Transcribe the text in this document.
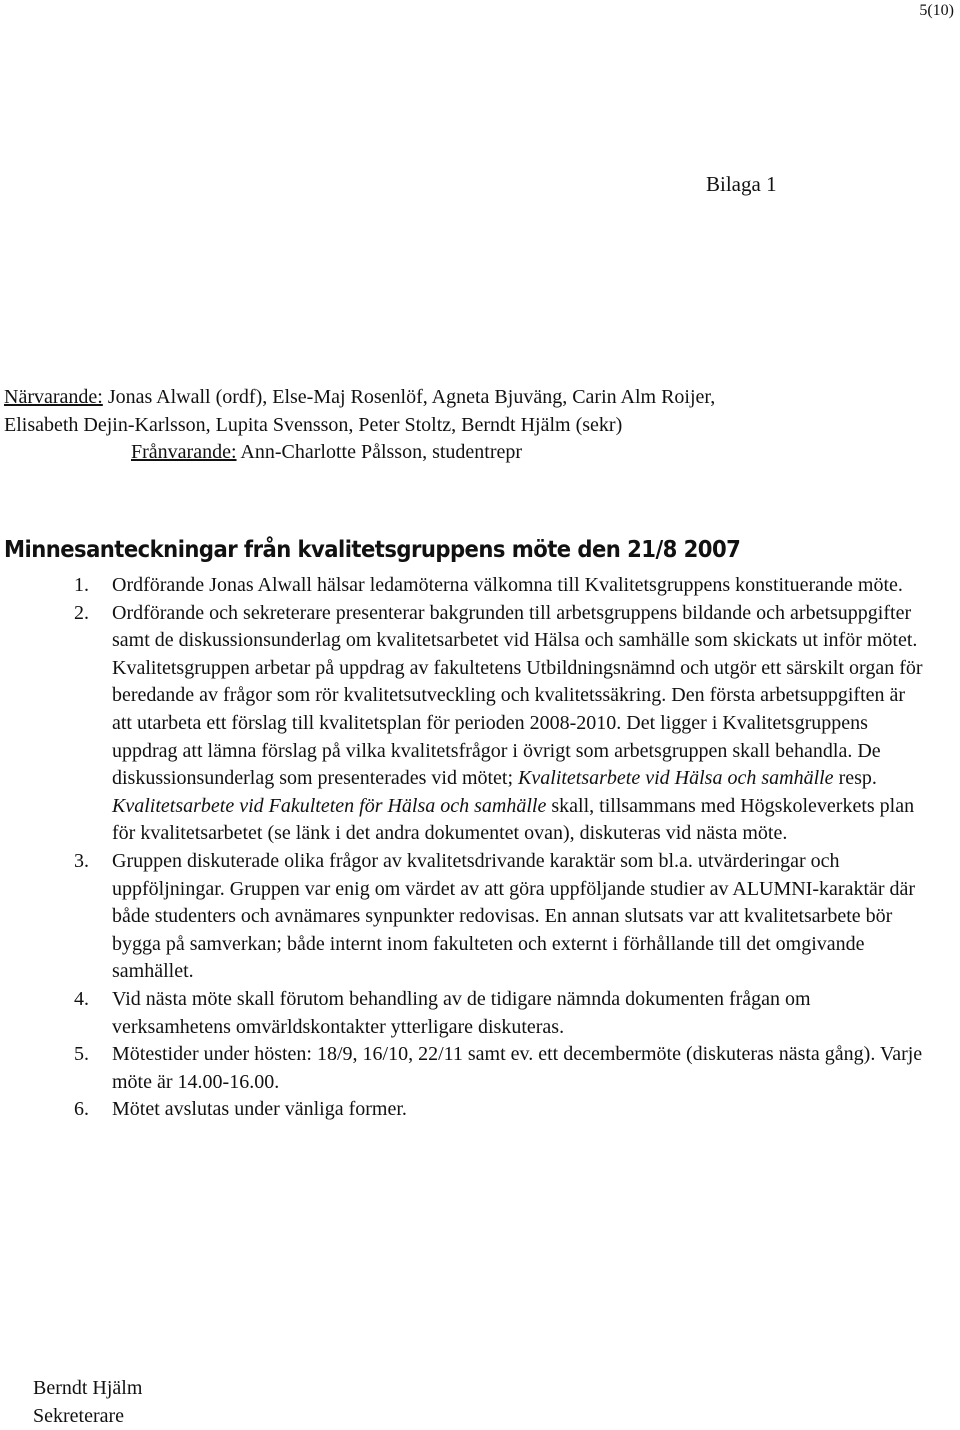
5(10)
Bilaga 1
Närvarande: Jonas Alwall (ordf), Else-Maj Rosenlöf, Agneta Bjuväng, Carin Alm Roijer,
Elisabeth Dejin-Karlsson, Lupita Svensson, Peter Stoltz, Berndt Hjälm (sekr)
Frånvarande: Ann-Charlotte Pålsson, studentrepr
Minnesanteckningar från kvalitetsgruppens möte den 21/8 2007
1. Ordförande Jonas Alwall hälsar ledamöterna välkomna till Kvalitetsgruppens konstituerande möte.
2. Ordförande och sekreterare presenterar bakgrunden till arbetsgruppens bildande och arbetsuppgifter samt de diskussionsunderlag om kvalitetsarbetet vid Hälsa och samhälle som skickats ut inför mötet. Kvalitetsgruppen arbetar på uppdrag av fakultetens Utbildningsnämnd och utgör ett särskilt organ för beredande av frågor som rör kvalitetsutveckling och kvalitetssäkring. Den första arbetsuppgiften är att utarbeta ett förslag till kvalitetsplan för perioden 2008-2010. Det ligger i Kvalitetsgruppens uppdrag att lämna förslag på vilka kvalitetsfrågor i övrigt som arbetsgruppen skall behandla. De diskussionsunderlag som presenterades vid mötet; Kvalitetsarbete vid Hälsa och samhälle resp. Kvalitetsarbete vid Fakulteten för Hälsa och samhälle skall, tillsammans med Högskoleverkets plan för kvalitetsarbetet (se länk i det andra dokumentet ovan), diskuteras vid nästa möte.
3. Gruppen diskuterade olika frågor av kvalitetsdrivande karaktär som bl.a. utvärderingar och uppföljningar. Gruppen var enig om värdet av att göra uppföljande studier av ALUMNI-karaktär där både studenters och avnämares synpunkter redovisas. En annan slutsats var att kvalitetsarbete bör bygga på samverkan; både internt inom fakulteten och externt i förhållande till det omgivande samhället.
4. Vid nästa möte skall förutom behandling av de tidigare nämnda dokumenten frågan om verksamhetens omvärldskontakter ytterligare diskuteras.
5. Mötestider under hösten: 18/9, 16/10, 22/11 samt ev. ett decembermöte (diskuteras nästa gång). Varje möte är 14.00-16.00.
6. Mötet avslutas under vänliga former.
Berndt Hjälm
Sekreterare
